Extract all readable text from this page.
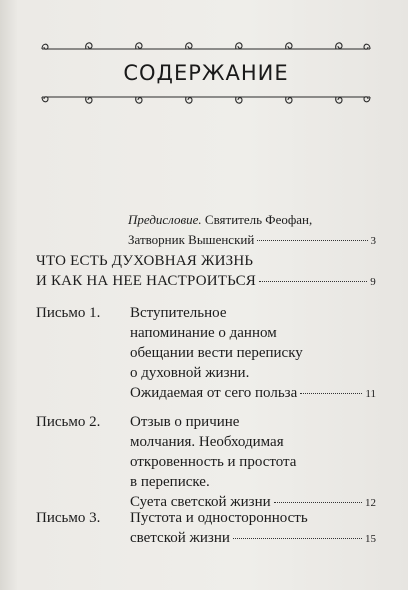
СОДЕРЖАНИЕ
Предисловие. Святитель Феофан,
Затворник Вышенский	3
ЧТО ЕСТЬ ДУХОВНАЯ ЖИЗНЬ
И КАК НА НЕЕ НАСТРОИТЬСЯ	9
Письмо 1.	Вступительное
напоминание о данном
обещании вести переписку
о духовной жизни.
Ожидаемая от сего польза	11
Письмо 2.	Отзыв о причине
молчания. Необходимая
откровенность и простота
в переписке.
Суета светской жизни	12
Письмо 3.	Пустота и односторонность
светской жизни	15
